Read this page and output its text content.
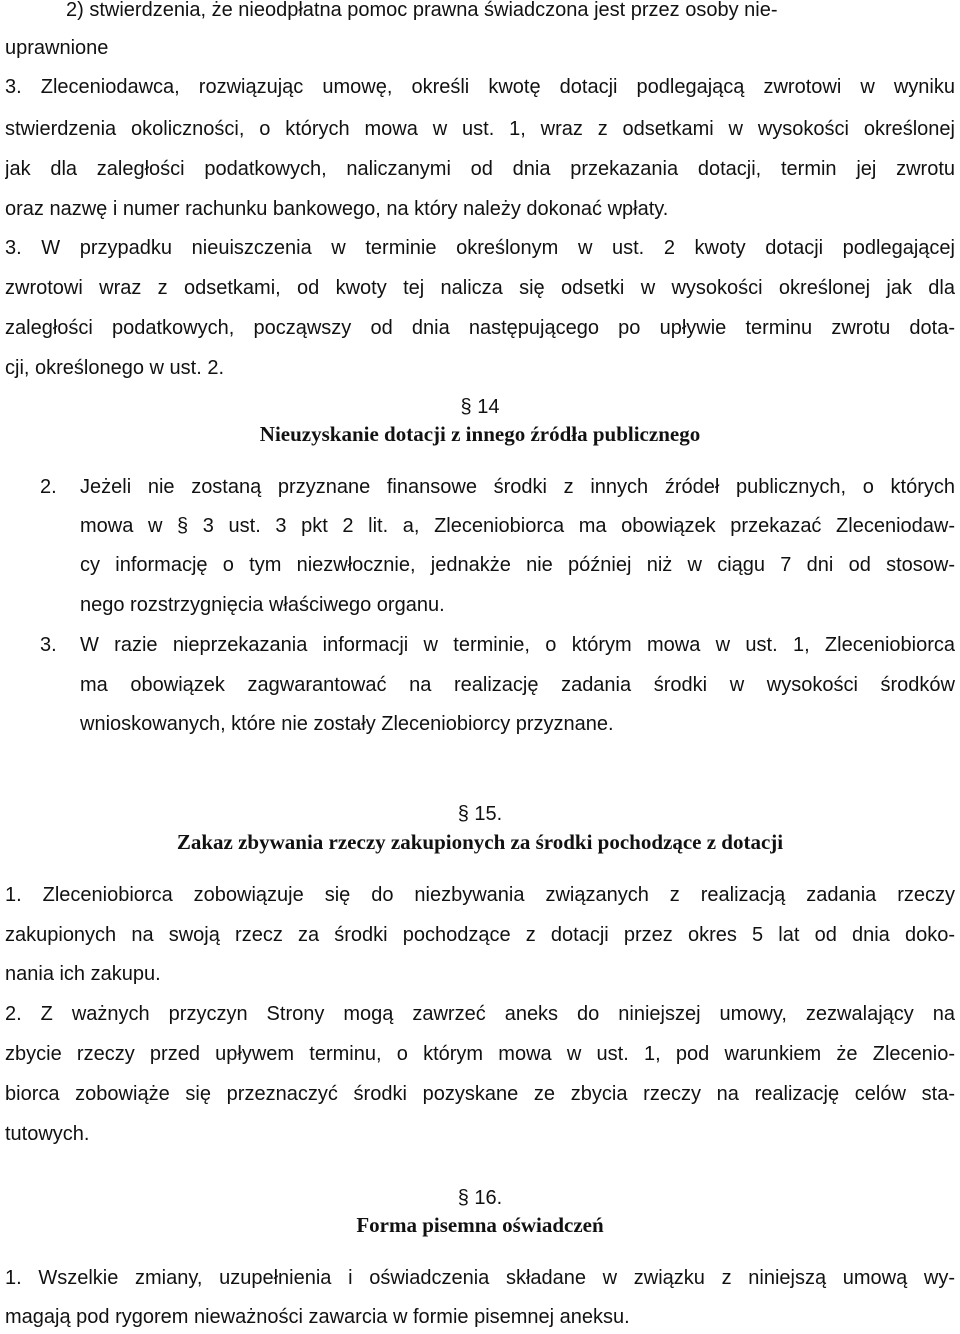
2) stwierdzenia, że nieodpłatna pomoc prawna świadczona jest przez osoby nie-

uprawnione

3. Zleceniodawca, rozwiązując umowę, określi kwotę dotacji podlegającą zwrotowi w wyniku

stwierdzenia okoliczności, o których mowa w ust. 1, wraz z odsetkami w wysokości określonej

jak dla zaległości podatkowych, naliczanymi od dnia przekazania dotacji, termin jej zwrotu

oraz nazwę i numer rachunku bankowego, na który należy dokonać wpłaty.

3. W przypadku nieuiszczenia w terminie określonym w ust. 2 kwoty dotacji podlegającej

zwrotowi wraz z odsetkami, od kwoty tej nalicza się odsetki w wysokości określonej jak dla

zaległości podatkowych, począwszy od dnia następującego po upływie terminu zwrotu dota-

cji, określonego w ust. 2.

§ 14

Nieuzyskanie dotacji z innego źródła publicznego

2. Jeżeli nie zostaną przyznane finansowe środki z innych źródeł publicznych, o których

mowa w § 3 ust. 3 pkt 2 lit. a, Zleceniobiorca ma obowiązek przekazać Zleceniodaw-

cy informację o tym niezwłocznie, jednakże nie później niż w ciągu 7 dni od stosow-

nego rozstrzygnięcia właściwego organu.

3. W razie nieprzekazania informacji w terminie, o którym mowa w ust. 1, Zleceniobiorca

ma obowiązek zagwarantować na realizację zadania środki w wysokości środków

wnioskowanych, które nie zostały Zleceniobiorcy przyznane.

§ 15.

Zakaz zbywania rzeczy zakupionych za środki pochodzące z dotacji

1. Zleceniobiorca zobowiązuje się do niezbywania związanych z realizacją zadania rzeczy

zakupionych na swoją rzecz za środki pochodzące z dotacji przez okres 5 lat od dnia doko-

nania ich zakupu.

2. Z ważnych przyczyn Strony mogą zawrzeć aneks do niniejszej umowy, zezwalający na

zbycie rzeczy przed upływem terminu, o którym mowa w ust. 1, pod warunkiem że Zlecenio-

biorca zobowiąże się przeznaczyć środki pozyskane ze zbycia rzeczy na realizację celów sta-

tutowych.

§ 16.

Forma pisemna oświadczeń

1. Wszelkie zmiany, uzupełnienia i oświadczenia składane w związku z niniejszą umową wy-

magają pod rygorem nieważności zawarcia w formie pisemnej aneksu.
